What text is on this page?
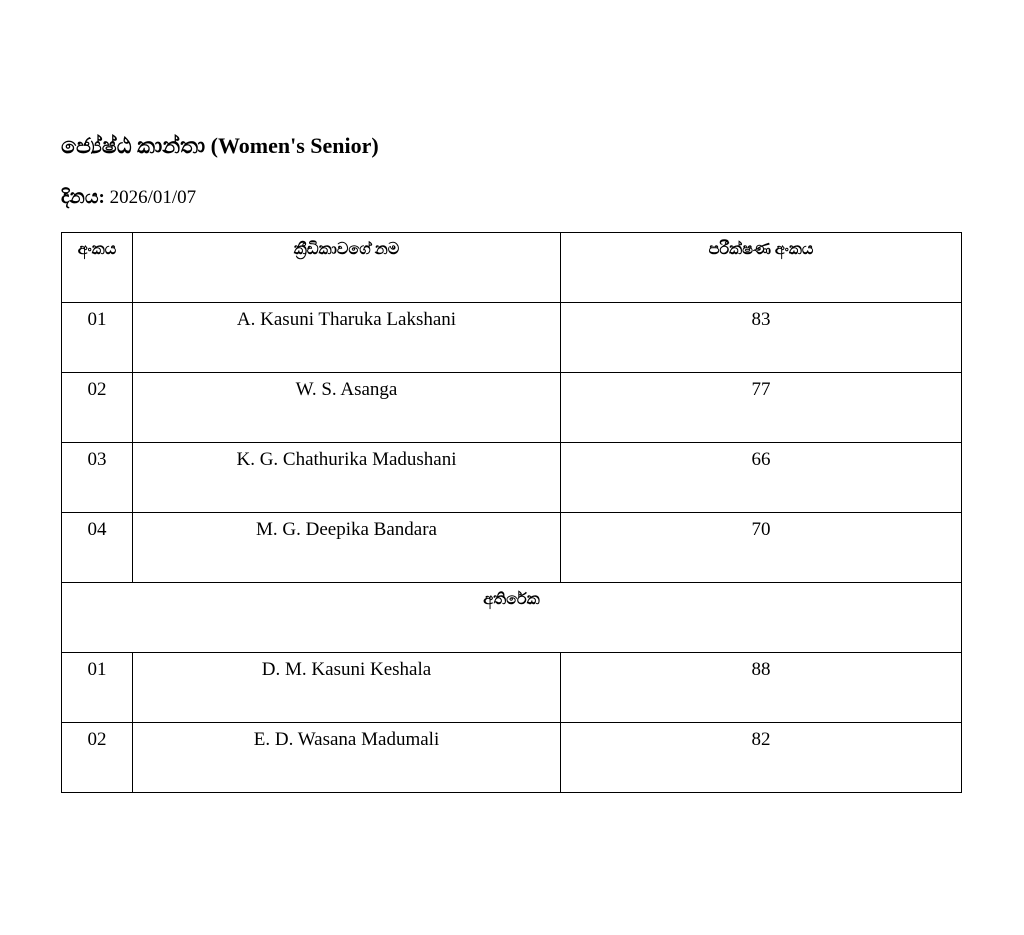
ජ්‍යේෂ්ඨ කාන්තා (Women's Senior)
දිනය: 2026/01/07
අංකය	ක්‍රීඩිකාවගේ නම	පරීක්ෂණ අංකය
01	A. Kasuni Tharuka Lakshani	83
02	W. S. Asanga	77
03	K. G. Chathurika Madushani	66
04	M. G. Deepika Bandara	70
අතිරේක		
01	D. M. Kasuni Keshala	88
02	E. D. Wasana Madumali	82
